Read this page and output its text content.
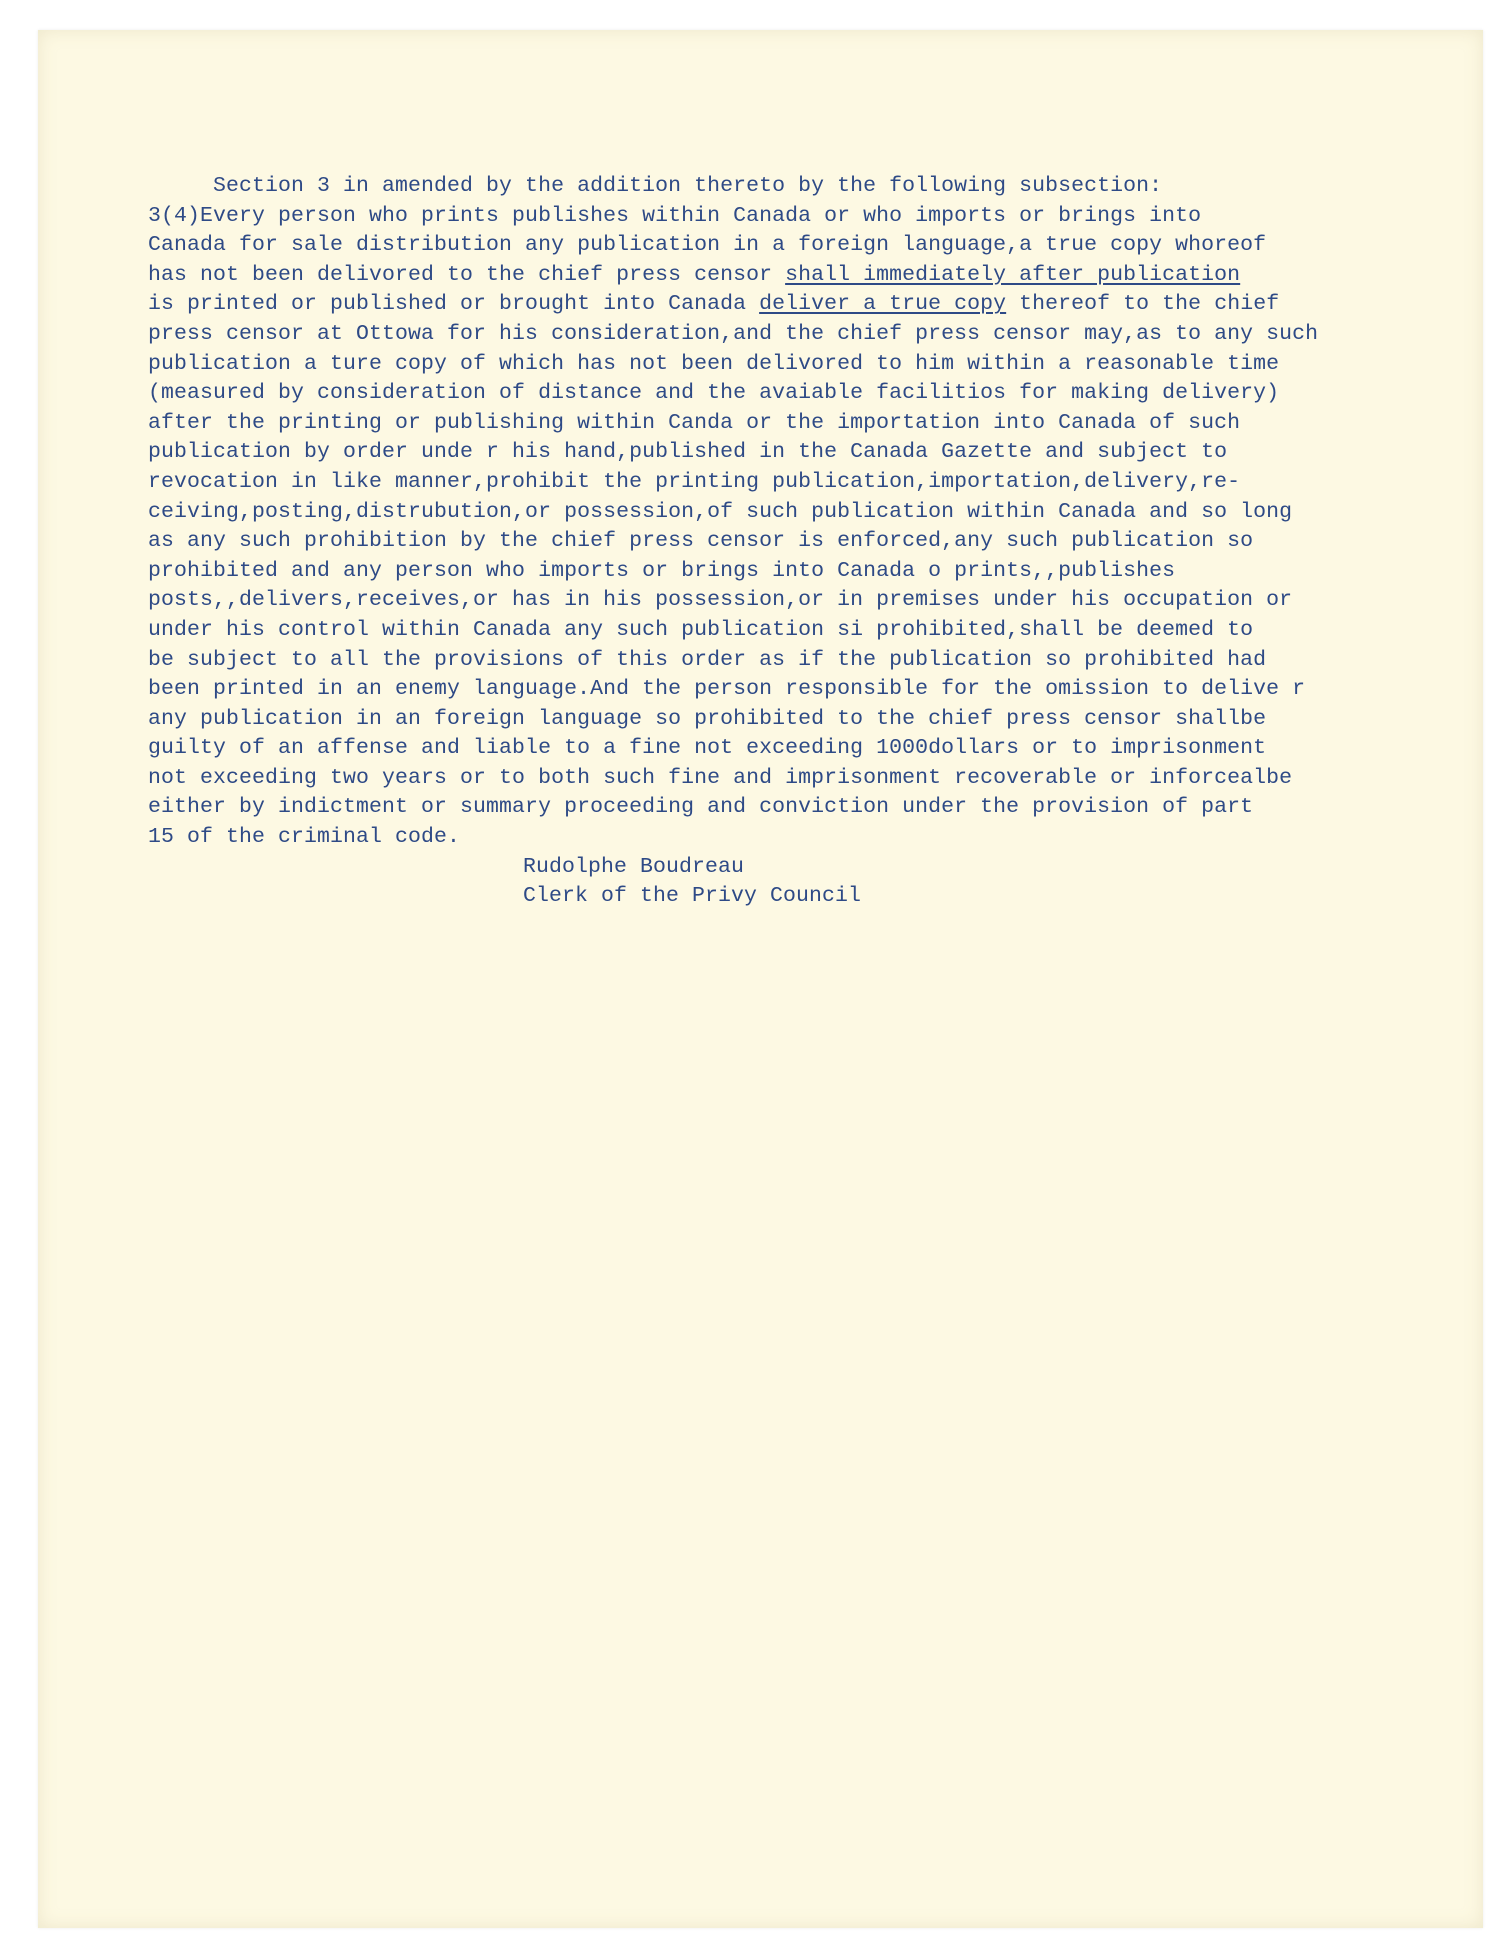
Section 3 in amended by the addition thereto by the following subsection:
3(4)Every person who prints publishes within Canada or who imports or brings into
Canada for sale distribution any publication in a foreign language,a true copy whoreof
has not been delivored to the chief press censor shall immediately after publication
is printed or published or brought into Canada deliver a true copy thereof to the chief
press censor at Ottowa for his consideration,and the chief press censor may,as to any such
publication a ture copy of which has not been delivored to him within a reasonable time
(measured by consideration of distance and the avaiable facilitios for making delivery)
after the printing or publishing within Canda or the importation into Canada of such
publication by order unde r his hand,published in the Canada Gazette and subject to
revocation in like manner,prohibit the printing publication,importation,delivery,re-
ceiving,posting,distrubution,or possession,of such publication within Canada and so long
as any such prohibition by the chief press censor is enforced,any such publication so
prohibited and any person who imports or brings into Canada o prints,,publishes
posts,,delivers,receives,or has in his possession,or in premises under his occupation or
under his control within Canada any such publication si prohibited,shall be deemed to
be subject to all the provisions of this order as if the publication so prohibited had
been printed in an enemy language.And the person responsible for the omission to delive r
any publication in an foreign language so prohibited to the chief press censor shallbe
guilty of an affense and liable to a fine not exceeding 1000dollars or to imprisonment
not exceeding two years or to both such fine and imprisonment recoverable or inforcealbe
either by indictment or summary proceeding and conviction under the provision of part
15 of the criminal code.
Rudolphe Boudreau
Clerk of the Privy Council
